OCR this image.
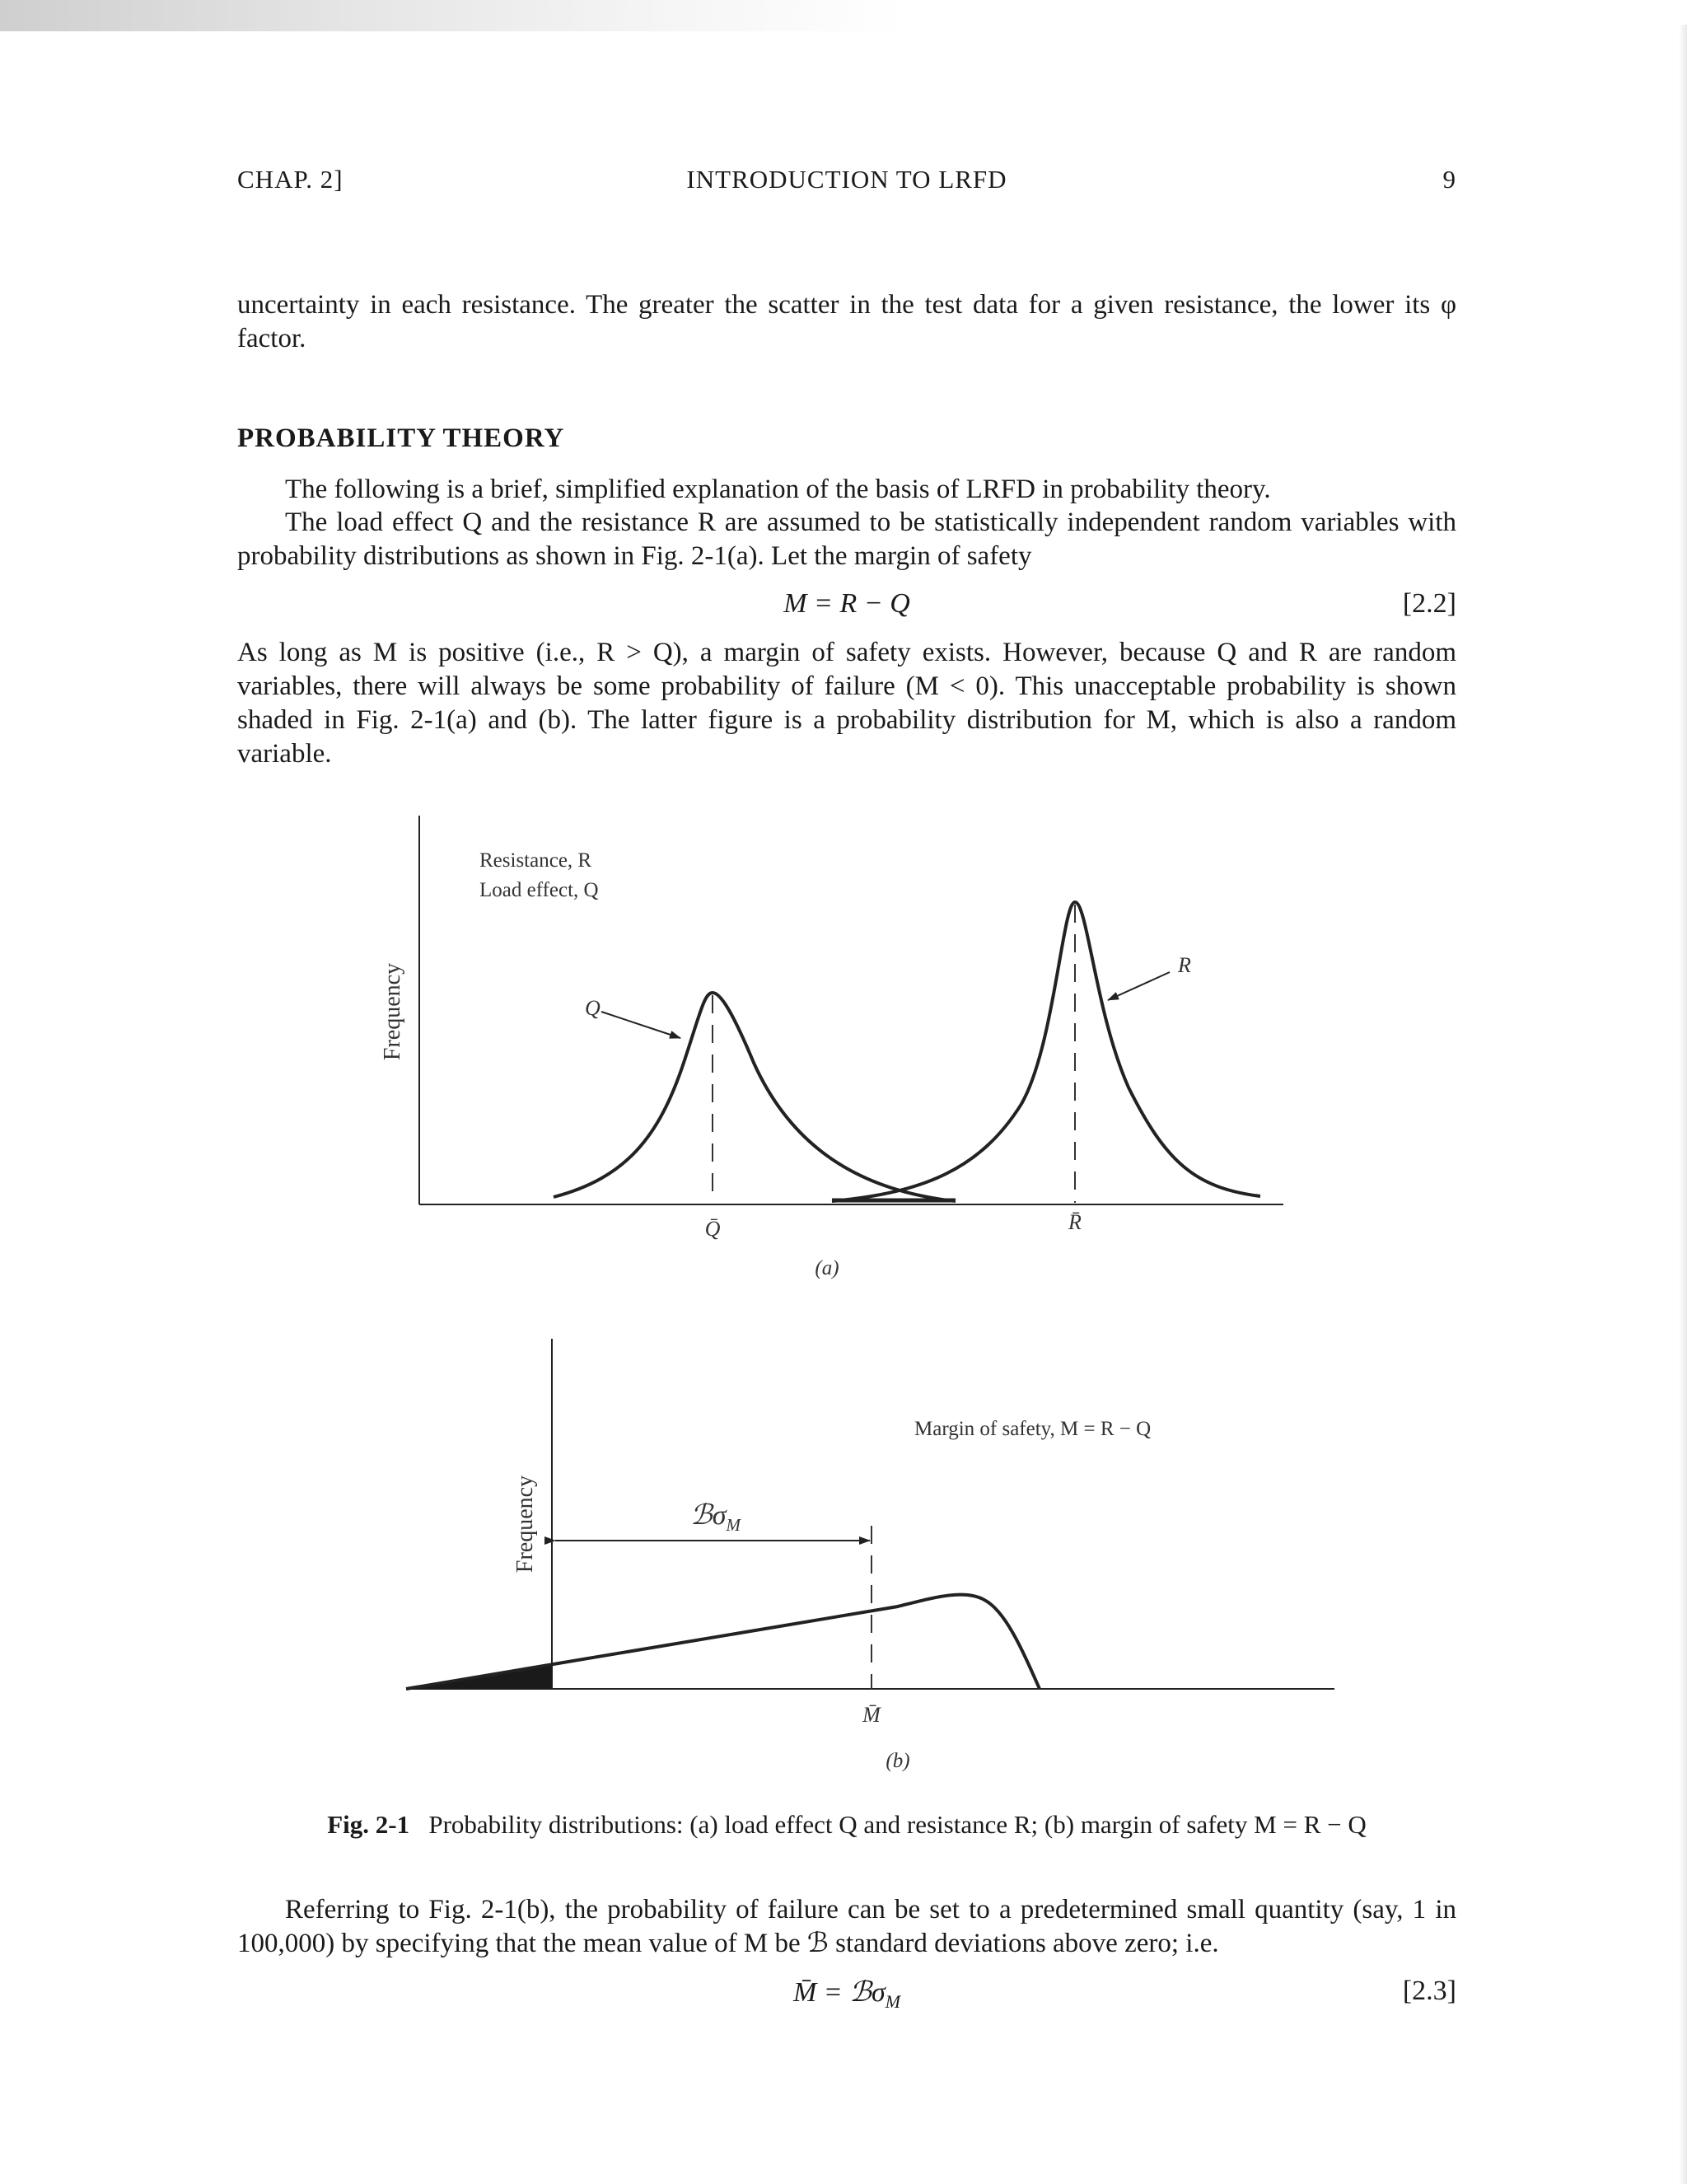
CHAP. 2]	INTRODUCTION TO LRFD	9

uncertainty in each resistance. The greater the scatter in the test data for a given resistance, the lower its φ factor.

PROBABILITY THEORY

The following is a brief, simplified explanation of the basis of LRFD in probability theory.

The load effect Q and the resistance R are assumed to be statistically independent random variables with probability distributions as shown in Fig. 2-1(a). Let the margin of safety

M = R − Q	[2.2]

As long as M is positive (i.e., R > Q), a margin of safety exists. However, because Q and R are random variables, there will always be some probability of failure (M < 0). This unacceptable probability is shown shaded in Fig. 2-1(a) and (b). The latter figure is a probability distribution for M, which is also a random variable.

Frequency
Resistance, R
Load effect, Q
Q
R
Q̄	R̄
(a)
Frequency
Margin of safety, M = R − Q
ℬσ$_M$
M̄
(b)
Fig. 2-1 Probability distributions: (a) load effect Q and resistance R; (b) margin of safety M = R − Q

Referring to Fig. 2-1(b), the probability of failure can be set to a predetermined small quantity (say, 1 in 100,000) by specifying that the mean value of M be ℬ standard deviations above zero; i.e.

M̄ = ℬσ$_M$	[2.3]
